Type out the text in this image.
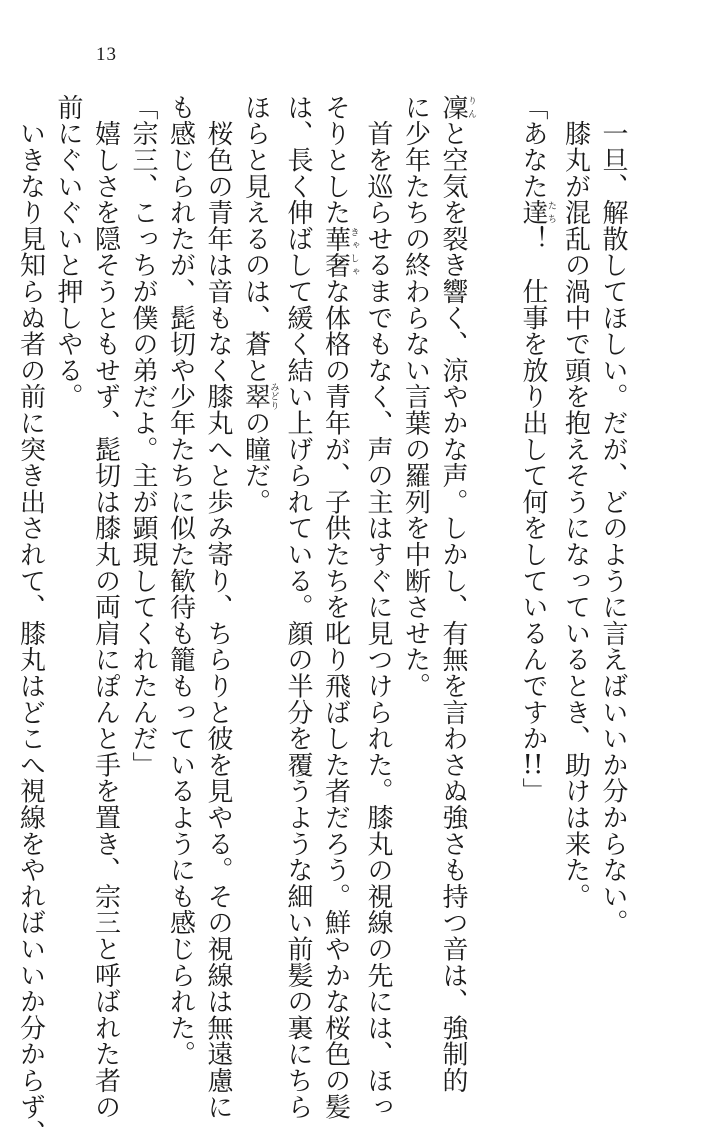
13
　一旦、解散してほしい。だが、どのように言えばいいか分からない。
　膝丸が混乱の渦中で頭を抱えそうになっているとき、助けは来た。
「あなた達たち！　仕事を放り出して何をしているんですか!!」

凜りんと空気を裂き響く、涼やかな声。しかし、有無を言わさぬ強さも持つ音は、強制的
に少年たちの終わらない言葉の羅列を中断させた。
　首を巡らせるまでもなく、声の主はすぐに見つけられた。膝丸の視線の先には、ほっ
そりとした華奢きゃしゃな体格の青年が、子供たちを叱り飛ばした者だろう。鮮やかな桜色の髪
は、長く伸ばして緩く結い上げられている。顔の半分を覆うような細い前髪の裏にちら
ほらと見えるのは、蒼と翠みどりの瞳だ。
　桜色の青年は音もなく膝丸へと歩み寄り、ちらりと彼を見やる。その視線は無遠慮に
も感じられたが、髭切や少年たちに似た歓待も籠もっているようにも感じられた。
「宗三、こっちが僕の弟だよ。主が顕現してくれたんだ」
　嬉しさを隠そうともせず、髭切は膝丸の両肩にぽんと手を置き、宗三と呼ばれた者の
前にぐいぐいと押しやる。
　いきなり見知らぬ者の前に突き出されて、膝丸はどこへ視線をやればいいか分からず、
